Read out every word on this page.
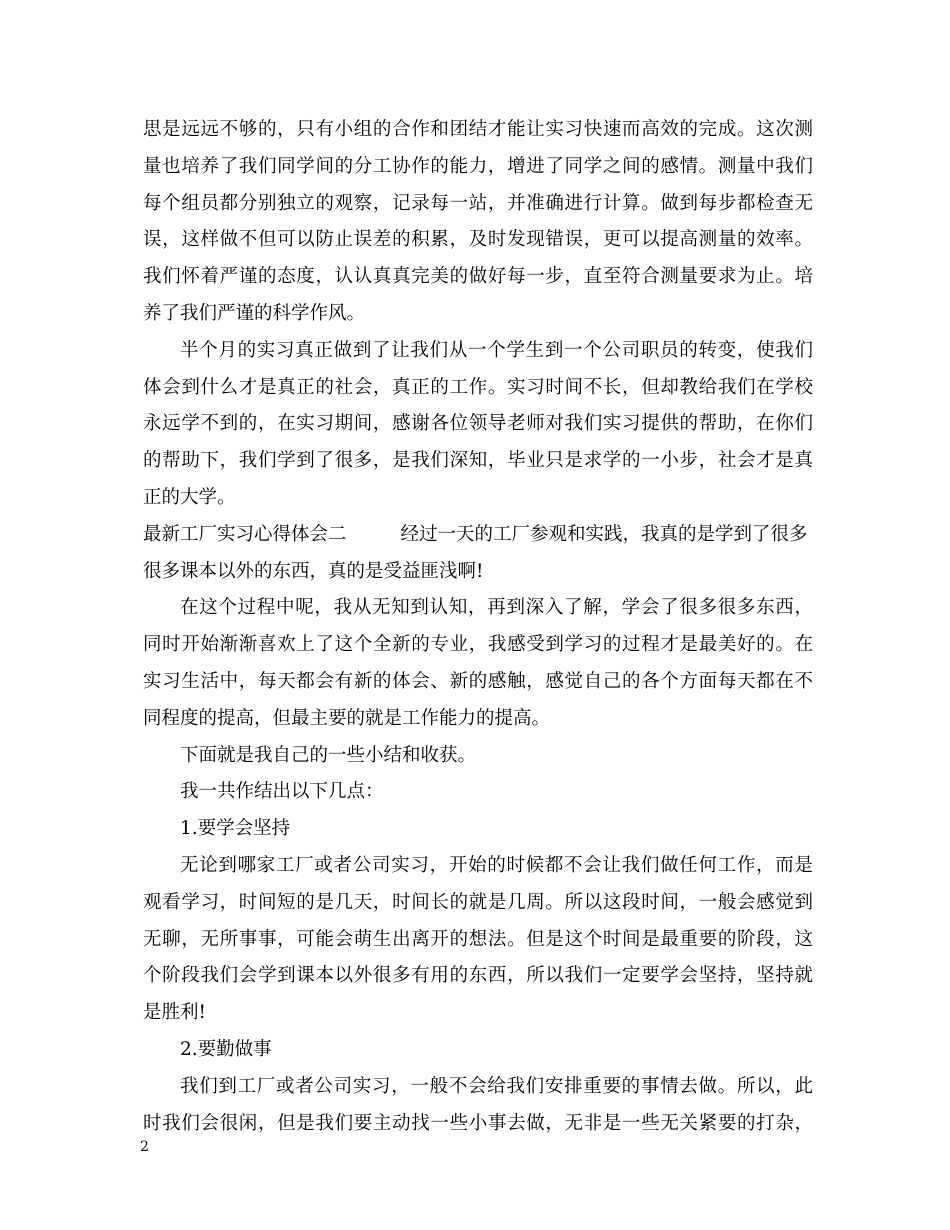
思是远远不够的，只有小组的合作和团结才能让实习快速而高效的完成。这次测
量也培养了我们同学间的分工协作的能力，增进了同学之间的感情。测量中我们
每个组员都分别独立的观察，记录每一站，并准确进行计算。做到每步都检查无
误，这样做不但可以防止误差的积累，及时发现错误，更可以提高测量的效率。
我们怀着严谨的态度，认认真真完美的做好每一步，直至符合测量要求为止。培
养了我们严谨的科学作风。
半个月的实习真正做到了让我们从一个学生到一个公司职员的转变，使我们
体会到什么才是真正的社会，真正的工作。实习时间不长，但却教给我们在学校
永远学不到的，在实习期间，感谢各位领导老师对我们实习提供的帮助，在你们
的帮助下，我们学到了很多，是我们深知，毕业只是求学的一小步，社会才是真
正的大学。
最新工厂实习心得体会二	经过一天的工厂参观和实践，我真的是学到了很多
很多课本以外的东西，真的是受益匪浅啊!
在这个过程中呢，我从无知到认知，再到深入了解，学会了很多很多东西，
同时开始渐渐喜欢上了这个全新的专业，我感受到学习的过程才是最美好的。在
实习生活中，每天都会有新的体会、新的感触，感觉自己的各个方面每天都在不
同程度的提高，但最主要的就是工作能力的提高。
下面就是我自己的一些小结和收获。
我一共作结出以下几点：
1.要学会坚持
无论到哪家工厂或者公司实习，开始的时候都不会让我们做任何工作，而是
观看学习，时间短的是几天，时间长的就是几周。所以这段时间，一般会感觉到
无聊，无所事事，可能会萌生出离开的想法。但是这个时间是最重要的阶段，这
个阶段我们会学到课本以外很多有用的东西，所以我们一定要学会坚持，坚持就
是胜利!
2.要勤做事
我们到工厂或者公司实习，一般不会给我们安排重要的事情去做。所以，此
时我们会很闲，但是我们要主动找一些小事去做，无非是一些无关紧要的打杂，
2
